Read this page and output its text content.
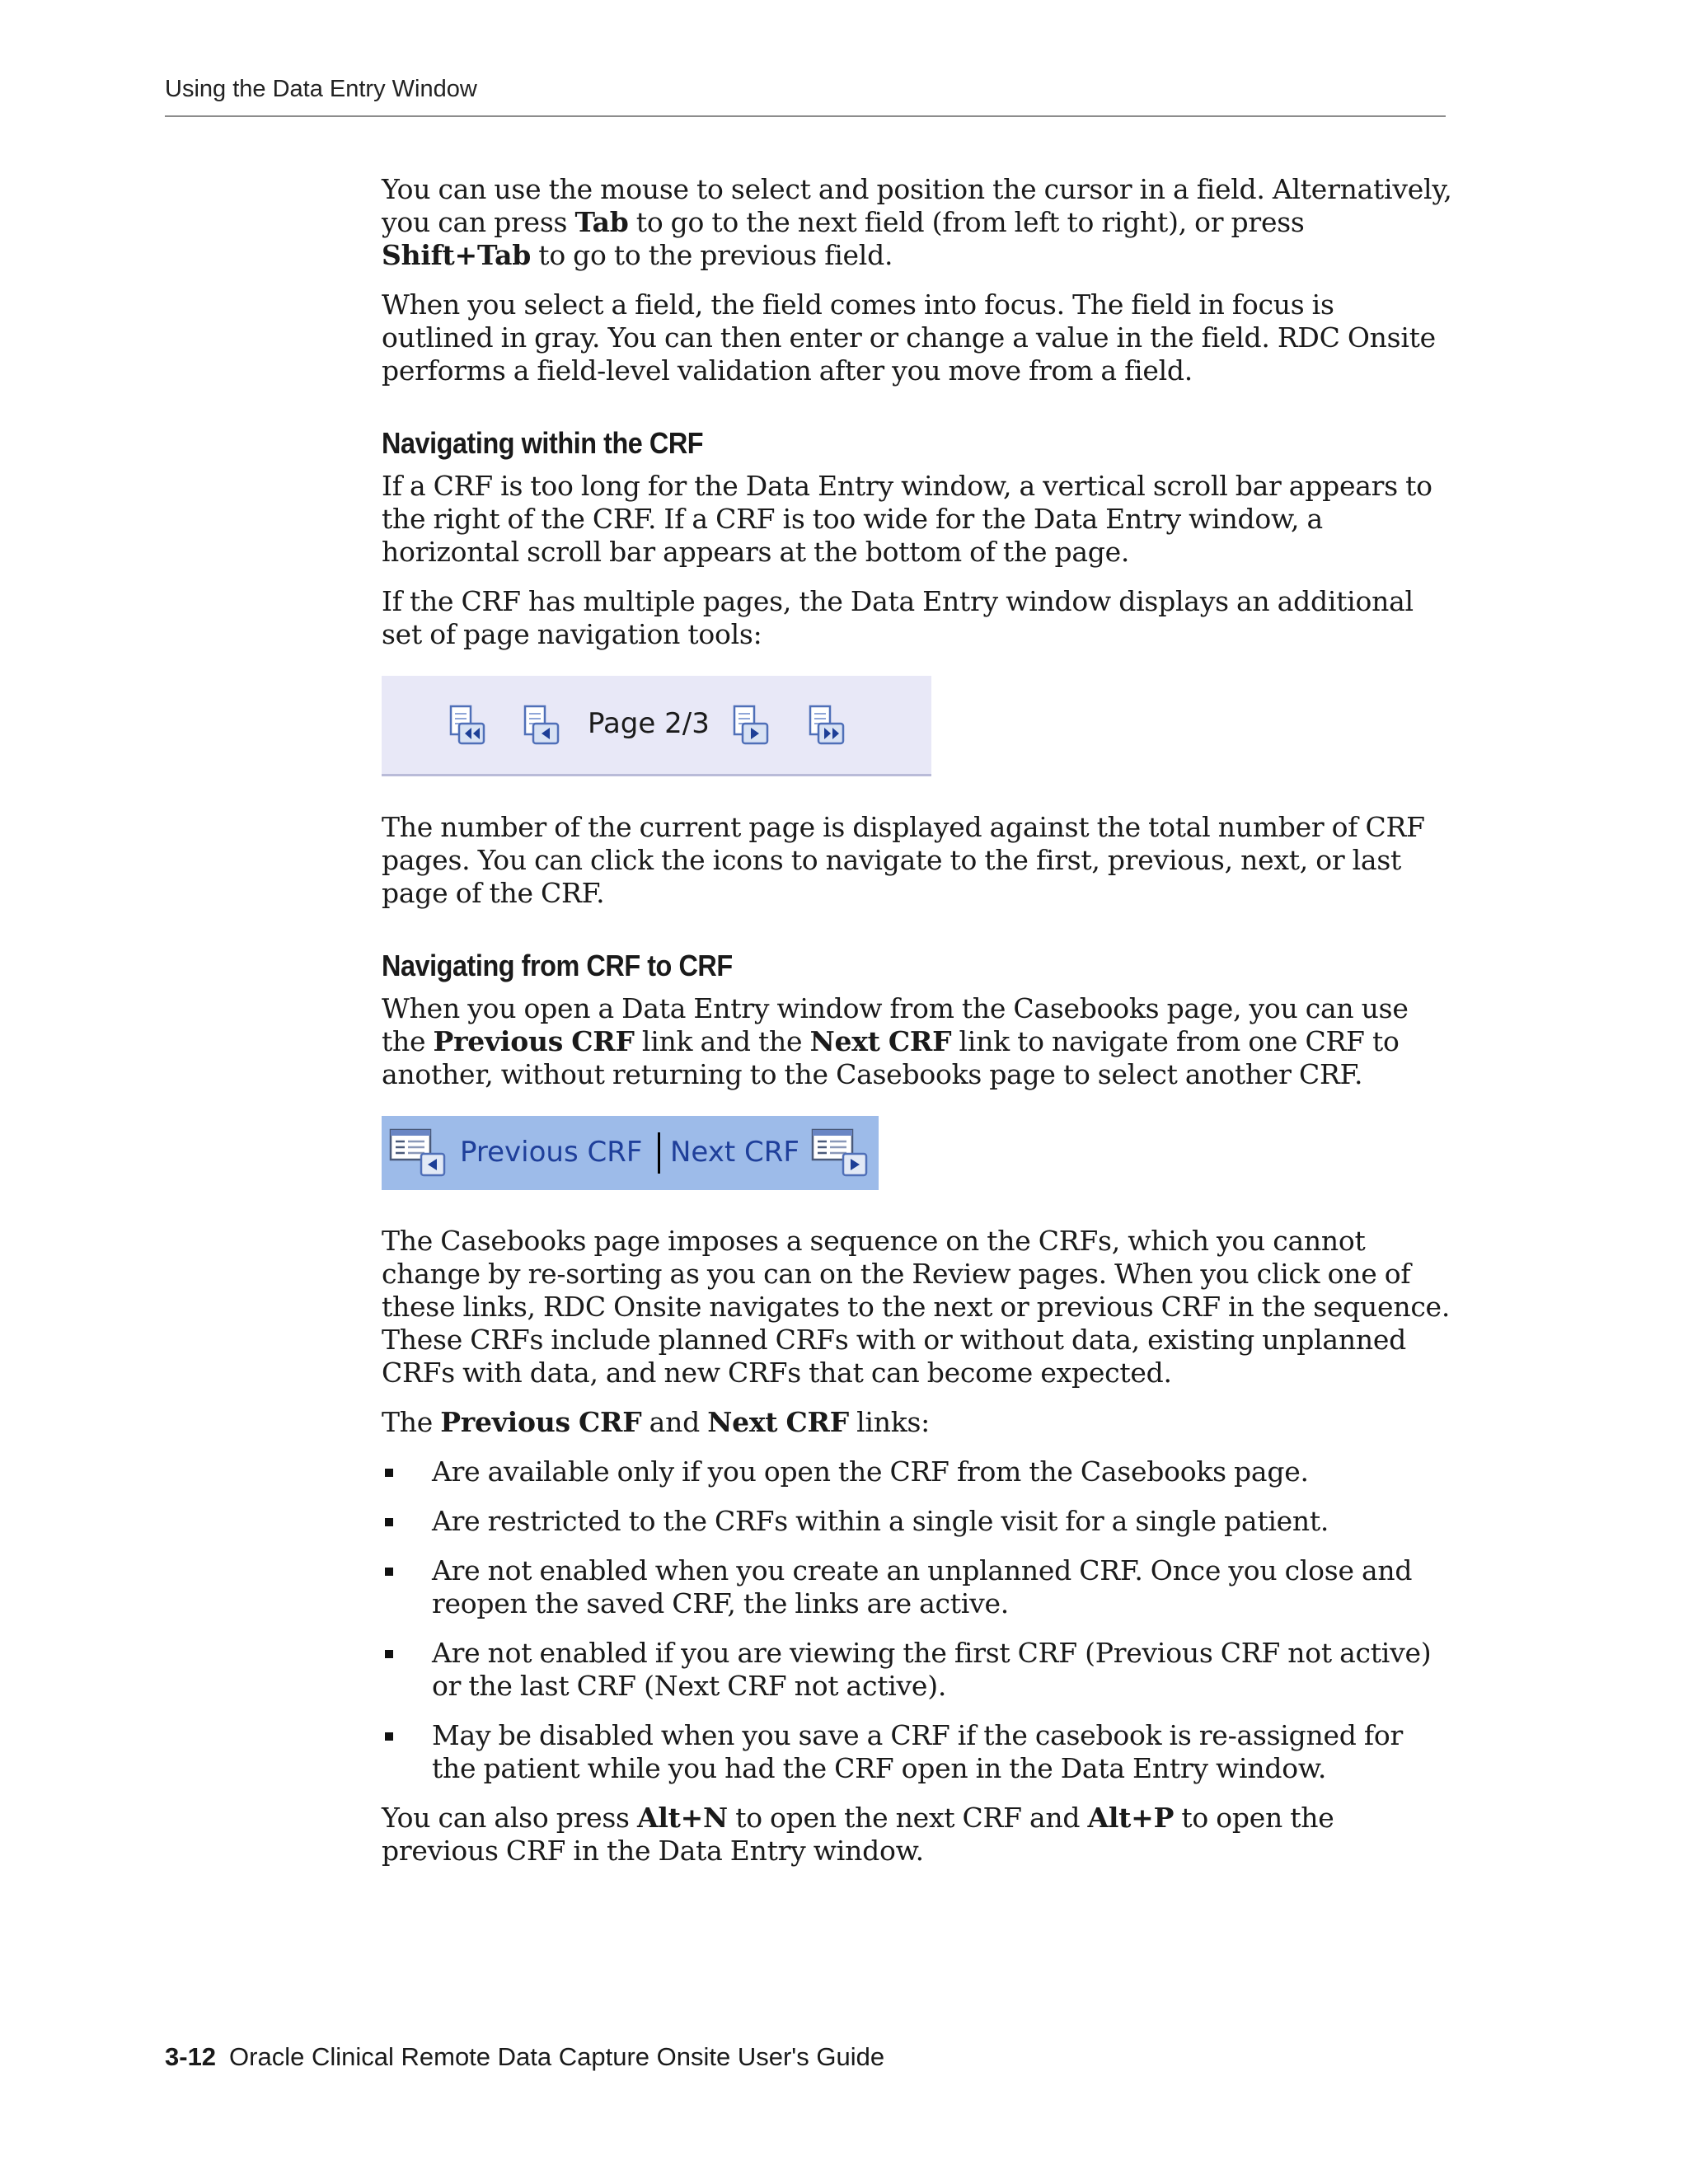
Using the Data Entry Window

You can use the mouse to select and position the cursor in a field. Alternatively, you can press Tab to go to the next field (from left to right), or press Shift+Tab to go to the previous field.

When you select a field, the field comes into focus. The field in focus is outlined in gray. You can then enter or change a value in the field. RDC Onsite performs a field-level validation after you move from a field.

Navigating within the CRF

If a CRF is too long for the Data Entry window, a vertical scroll bar appears to the right of the CRF. If a CRF is too wide for the Data Entry window, a horizontal scroll bar appears at the bottom of the page.

If the CRF has multiple pages, the Data Entry window displays an additional set of page navigation tools:

Page 2/3

The number of the current page is displayed against the total number of CRF pages. You can click the icons to navigate to the first, previous, next, or last page of the CRF.

Navigating from CRF to CRF

When you open a Data Entry window from the Casebooks page, you can use the Previous CRF link and the Next CRF link to navigate from one CRF to another, without returning to the Casebooks page to select another CRF.

Previous CRF Next CRF

The Casebooks page imposes a sequence on the CRFs, which you cannot change by re-sorting as you can on the Review pages. When you click one of these links, RDC Onsite navigates to the next or previous CRF in the sequence. These CRFs include planned CRFs with or without data, existing unplanned CRFs with data, and new CRFs that can become expected.

The Previous CRF and Next CRF links:

Are available only if you open the CRF from the Casebooks page.
Are restricted to the CRFs within a single visit for a single patient.
Are not enabled when you create an unplanned CRF. Once you close and reopen the saved CRF, the links are active.
Are not enabled if you are viewing the first CRF (Previous CRF not active) or the last CRF (Next CRF not active).
May be disabled when you save a CRF if the casebook is re-assigned for the patient while you had the CRF open in the Data Entry window.

You can also press Alt+N to open the next CRF and Alt+P to open the previous CRF in the Data Entry window.

3-12 Oracle Clinical Remote Data Capture Onsite User's Guide
